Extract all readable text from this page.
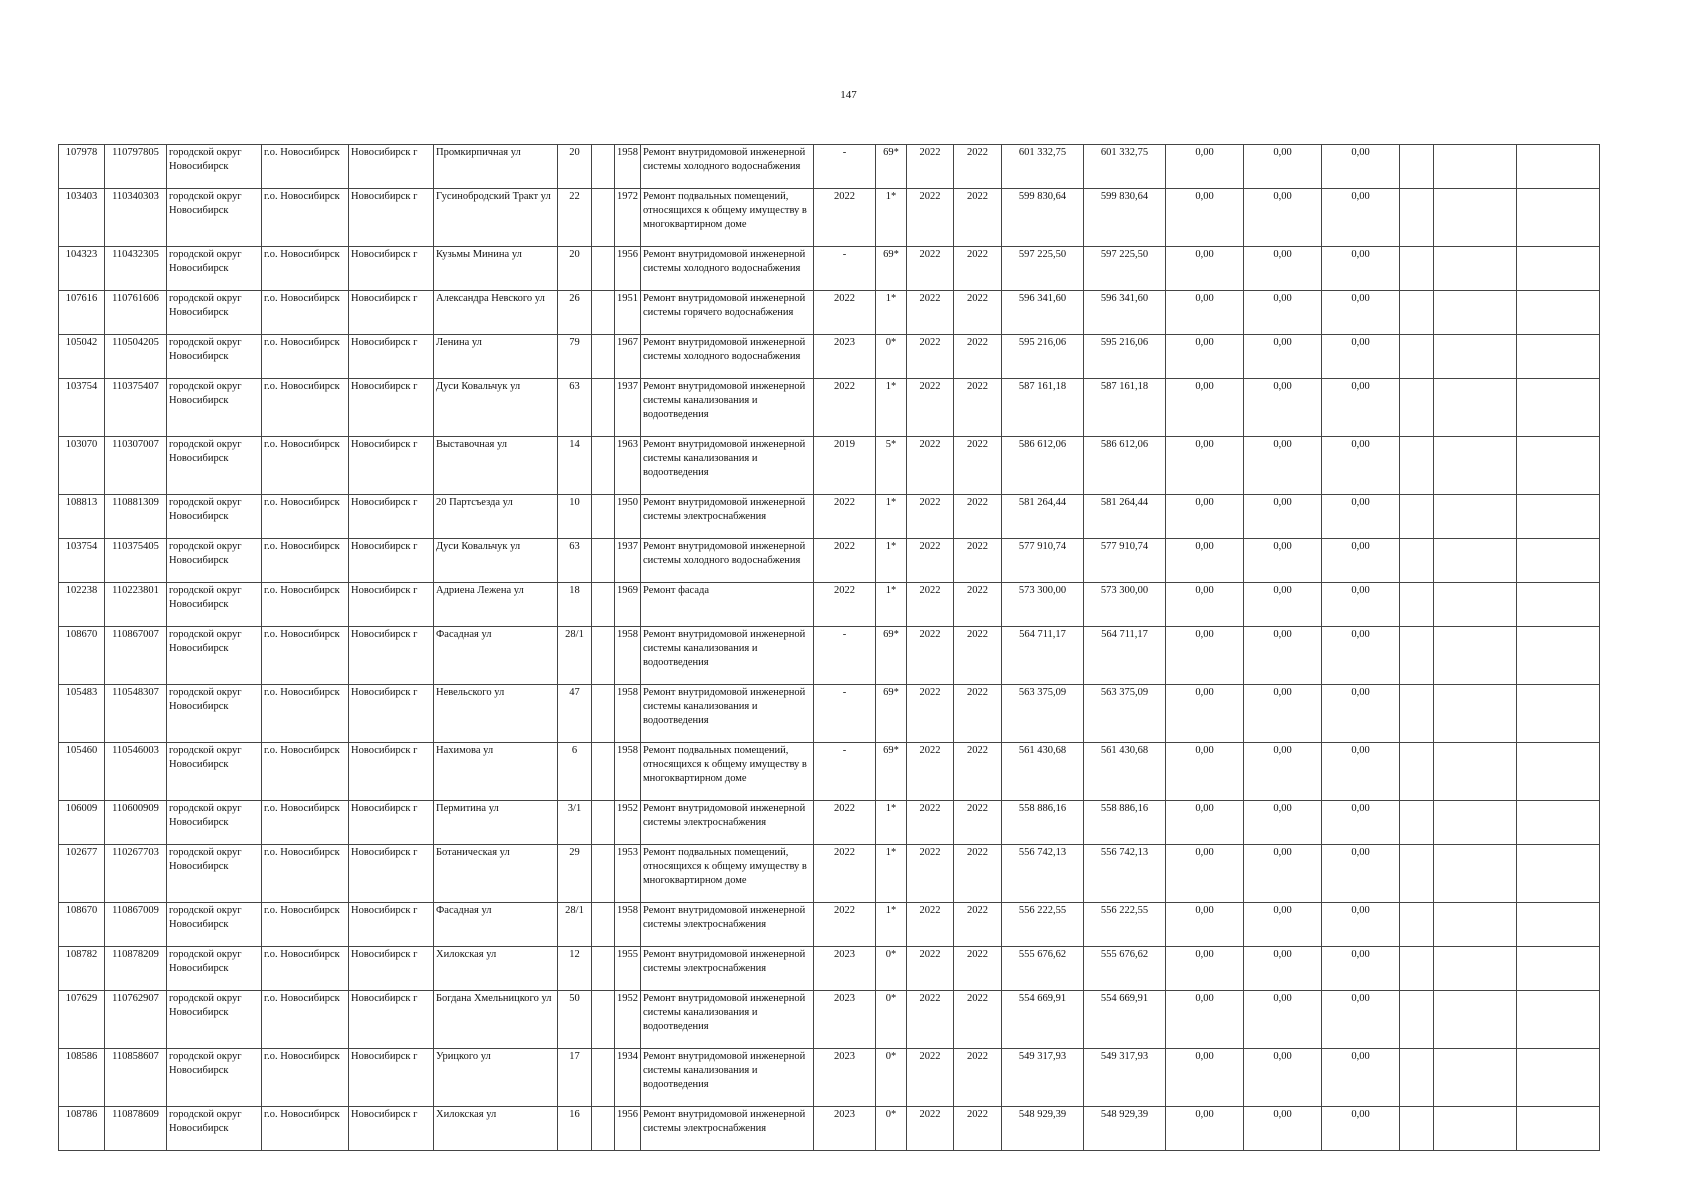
147
107978	110797805	городской округ Новосибирск	г.о. Новосибирск	Новосибирск г	Промкирпичная ул	20		1958	Ремонт внутридомовой инженерной системы холодного водоснабжения	-	69*	2022	2022	601 332,75	601 332,75	0,00	0,00	0,00			
103403	110340303	городской округ Новосибирск	г.о. Новосибирск	Новосибирск г	Гусинобродский Тракт ул	22		1972	Ремонт подвальных помещений, относящихся к общему имуществу в многоквартирном доме	2022	1*	2022	2022	599 830,64	599 830,64	0,00	0,00	0,00			
104323	110432305	городской округ Новосибирск	г.о. Новосибирск	Новосибирск г	Кузьмы Минина ул	20		1956	Ремонт внутридомовой инженерной системы холодного водоснабжения	-	69*	2022	2022	597 225,50	597 225,50	0,00	0,00	0,00			
107616	110761606	городской округ Новосибирск	г.о. Новосибирск	Новосибирск г	Александра Невского ул	26		1951	Ремонт внутридомовой инженерной системы горячего водоснабжения	2022	1*	2022	2022	596 341,60	596 341,60	0,00	0,00	0,00			
105042	110504205	городской округ Новосибирск	г.о. Новосибирск	Новосибирск г	Ленина ул	79		1967	Ремонт внутридомовой инженерной системы холодного водоснабжения	2023	0*	2022	2022	595 216,06	595 216,06	0,00	0,00	0,00			
103754	110375407	городской округ Новосибирск	г.о. Новосибирск	Новосибирск г	Дуси Ковальчук ул	63		1937	Ремонт внутридомовой инженерной системы канализования и водоотведения	2022	1*	2022	2022	587 161,18	587 161,18	0,00	0,00	0,00			
103070	110307007	городской округ Новосибирск	г.о. Новосибирск	Новосибирск г	Выставочная ул	14		1963	Ремонт внутридомовой инженерной системы канализования и водоотведения	2019	5*	2022	2022	586 612,06	586 612,06	0,00	0,00	0,00			
108813	110881309	городской округ Новосибирск	г.о. Новосибирск	Новосибирск г	20 Партсъезда ул	10		1950	Ремонт внутридомовой инженерной системы электроснабжения	2022	1*	2022	2022	581 264,44	581 264,44	0,00	0,00	0,00			
103754	110375405	городской округ Новосибирск	г.о. Новосибирск	Новосибирск г	Дуси Ковальчук ул	63		1937	Ремонт внутридомовой инженерной системы холодного водоснабжения	2022	1*	2022	2022	577 910,74	577 910,74	0,00	0,00	0,00			
102238	110223801	городской округ Новосибирск	г.о. Новосибирск	Новосибирск г	Адриена Лежена ул	18		1969	Ремонт фасада	2022	1*	2022	2022	573 300,00	573 300,00	0,00	0,00	0,00			
108670	110867007	городской округ Новосибирск	г.о. Новосибирск	Новосибирск г	Фасадная ул	28/1		1958	Ремонт внутридомовой инженерной системы канализования и водоотведения	-	69*	2022	2022	564 711,17	564 711,17	0,00	0,00	0,00			
105483	110548307	городской округ Новосибирск	г.о. Новосибирск	Новосибирск г	Невельского ул	47		1958	Ремонт внутридомовой инженерной системы канализования и водоотведения	-	69*	2022	2022	563 375,09	563 375,09	0,00	0,00	0,00			
105460	110546003	городской округ Новосибирск	г.о. Новосибирск	Новосибирск г	Нахимова ул	6		1958	Ремонт подвальных помещений, относящихся к общему имуществу в многоквартирном доме	-	69*	2022	2022	561 430,68	561 430,68	0,00	0,00	0,00			
106009	110600909	городской округ Новосибирск	г.о. Новосибирск	Новосибирск г	Пермитина ул	3/1		1952	Ремонт внутридомовой инженерной системы электроснабжения	2022	1*	2022	2022	558 886,16	558 886,16	0,00	0,00	0,00			
102677	110267703	городской округ Новосибирск	г.о. Новосибирск	Новосибирск г	Ботаническая ул	29		1953	Ремонт подвальных помещений, относящихся к общему имуществу в многоквартирном доме	2022	1*	2022	2022	556 742,13	556 742,13	0,00	0,00	0,00			
108670	110867009	городской округ Новосибирск	г.о. Новосибирск	Новосибирск г	Фасадная ул	28/1		1958	Ремонт внутридомовой инженерной системы электроснабжения	2022	1*	2022	2022	556 222,55	556 222,55	0,00	0,00	0,00			
108782	110878209	городской округ Новосибирск	г.о. Новосибирск	Новосибирск г	Хилокская ул	12		1955	Ремонт внутридомовой инженерной системы электроснабжения	2023	0*	2022	2022	555 676,62	555 676,62	0,00	0,00	0,00			
107629	110762907	городской округ Новосибирск	г.о. Новосибирск	Новосибирск г	Богдана Хмельницкого ул	50		1952	Ремонт внутридомовой инженерной системы канализования и водоотведения	2023	0*	2022	2022	554 669,91	554 669,91	0,00	0,00	0,00			
108586	110858607	городской округ Новосибирск	г.о. Новосибирск	Новосибирск г	Урицкого ул	17		1934	Ремонт внутридомовой инженерной системы канализования и водоотведения	2023	0*	2022	2022	549 317,93	549 317,93	0,00	0,00	0,00			
108786	110878609	городской округ Новосибирск	г.о. Новосибирск	Новосибирск г	Хилокская ул	16		1956	Ремонт внутридомовой инженерной системы электроснабжения	2023	0*	2022	2022	548 929,39	548 929,39	0,00	0,00	0,00			
